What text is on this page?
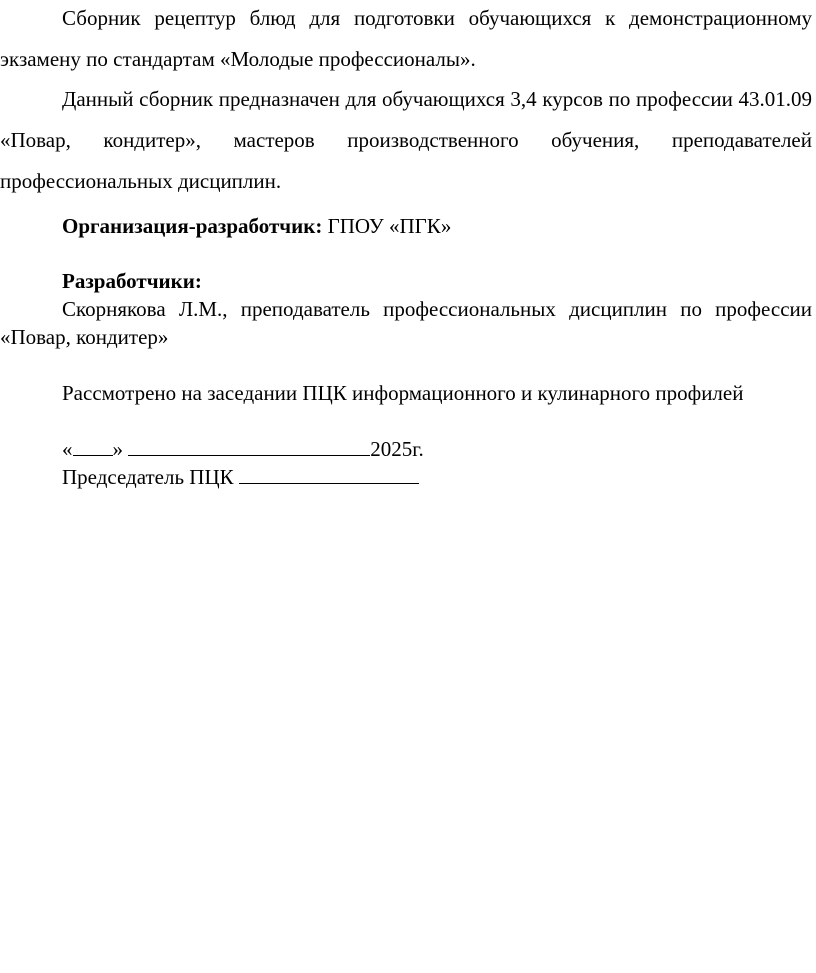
Сборник рецептур блюд для подготовки обучающихся к демонстрационному экзамену по стандартам «Молодые профессионалы».

Данный сборник предназначен для обучающихся 3,4 курсов по профессии 43.01.09 «Повар, кондитер», мастеров производственного обучения, преподавателей профессиональных дисциплин.

Организация-разработчик: ГПОУ «ПГК»

Разработчики:

Скорнякова Л.М., преподаватель профессиональных дисциплин по профессии «Повар, кондитер»

Рассмотрено на заседании ПЦК информационного и кулинарного профилей

« »	2025г.

Председатель ПЦК
